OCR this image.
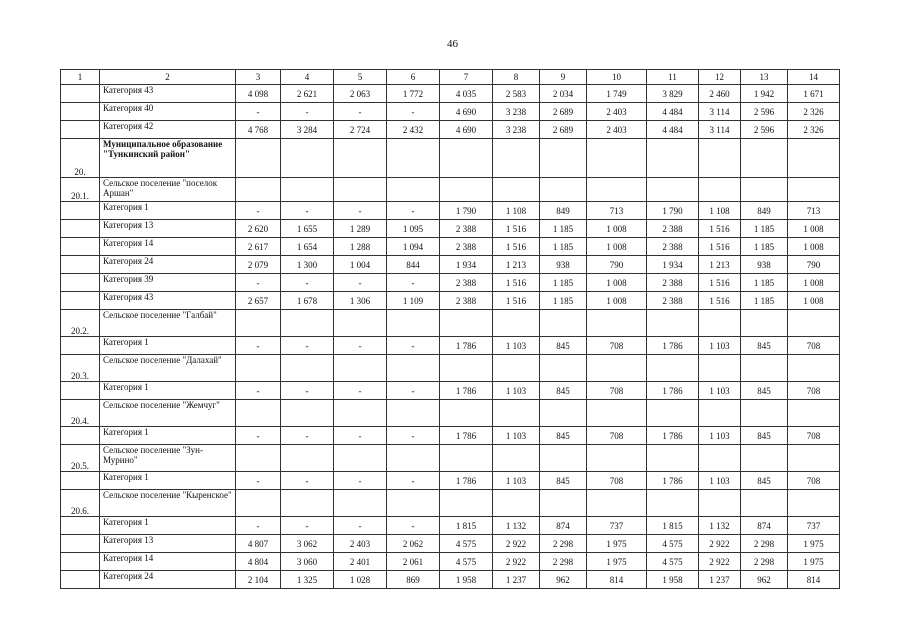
46
1	2	3	4	5	6	7	8	9	10	11	12	13	14
	Категория 43	4 098	2 621	2 063	1 772	4 035	2 583	2 034	1 749	3 829	2 460	1 942	1 671
	Категория 40	-	-	-	-	4 690	3 238	2 689	2 403	4 484	3 114	2 596	2 326
	Категория 42	4 768	3 284	2 724	2 432	4 690	3 238	2 689	2 403	4 484	3 114	2 596	2 326
20.	Муниципальное образование "Тункинский район"												
20.1.	Сельское поселение "поселок Аршан"												
	Категория 1	-	-	-	-	1 790	1 108	849	713	1 790	1 108	849	713
	Категория 13	2 620	1 655	1 289	1 095	2 388	1 516	1 185	1 008	2 388	1 516	1 185	1 008
	Категория 14	2 617	1 654	1 288	1 094	2 388	1 516	1 185	1 008	2 388	1 516	1 185	1 008
	Категория 24	2 079	1 300	1 004	844	1 934	1 213	938	790	1 934	1 213	938	790
	Категория 39	-	-	-	-	2 388	1 516	1 185	1 008	2 388	1 516	1 185	1 008
	Категория 43	2 657	1 678	1 306	1 109	2 388	1 516	1 185	1 008	2 388	1 516	1 185	1 008
20.2.	Сельское поселение "Галбай"												
	Категория 1	-	-	-	-	1 786	1 103	845	708	1 786	1 103	845	708
20.3.	Сельское поселение "Далахай"												
	Категория 1	-	-	-	-	1 786	1 103	845	708	1 786	1 103	845	708
20.4.	Сельское поселение "Жемчуг"												
	Категория 1	-	-	-	-	1 786	1 103	845	708	1 786	1 103	845	708
20.5.	Сельское поселение "Зун-Мурино"												
	Категория 1	-	-	-	-	1 786	1 103	845	708	1 786	1 103	845	708
20.6.	Сельское поселение "Кыренское"												
	Категория 1	-	-	-	-	1 815	1 132	874	737	1 815	1 132	874	737
	Категория 13	4 807	3 062	2 403	2 062	4 575	2 922	2 298	1 975	4 575	2 922	2 298	1 975
	Категория 14	4 804	3 060	2 401	2 061	4 575	2 922	2 298	1 975	4 575	2 922	2 298	1 975
	Категория 24	2 104	1 325	1 028	869	1 958	1 237	962	814	1 958	1 237	962	814
